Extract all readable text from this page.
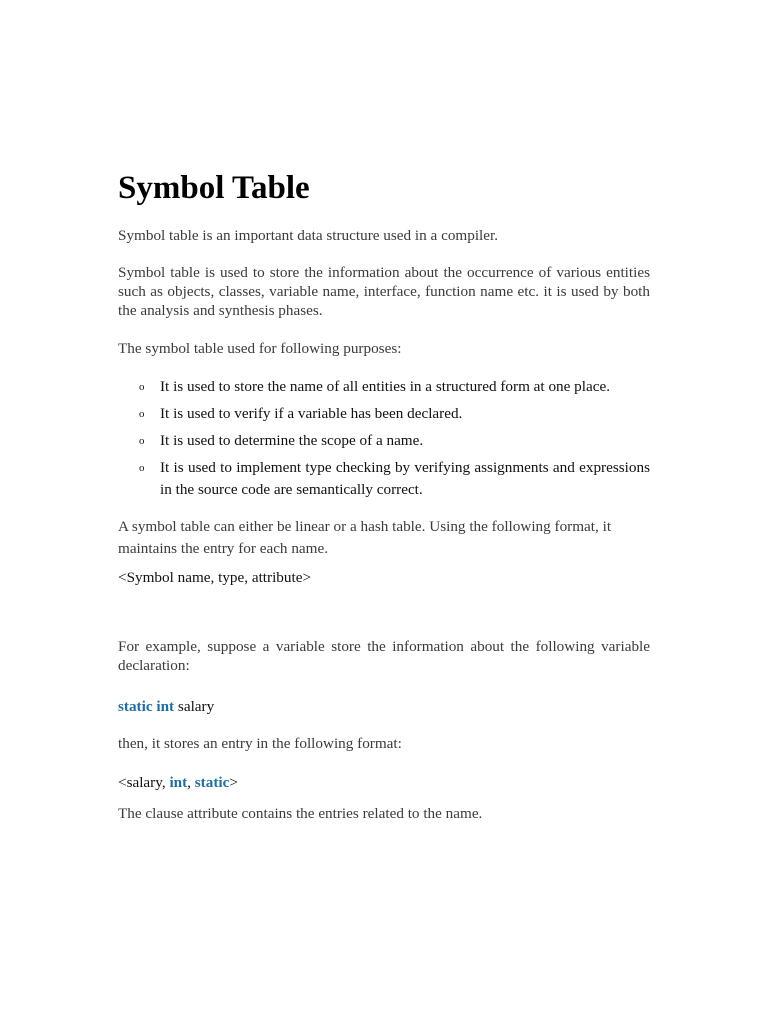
Symbol Table

Symbol table is an important data structure used in a compiler.

Symbol table is used to store the information about the occurrence of various entities such as objects, classes, variable name, interface, function name etc. it is used by both the analysis and synthesis phases.

The symbol table used for following purposes:

o It is used to store the name of all entities in a structured form at one place.
o It is used to verify if a variable has been declared.
o It is used to determine the scope of a name.
o It is used to implement type checking by verifying assignments and expressions in the source code are semantically correct.

A symbol table can either be linear or a hash table. Using the following format, it maintains the entry for each name.

<Symbol name, type, attribute>

For example, suppose a variable store the information about the following variable declaration:

static int salary

then, it stores an entry in the following format:

<salary, int, static>

The clause attribute contains the entries related to the name.
